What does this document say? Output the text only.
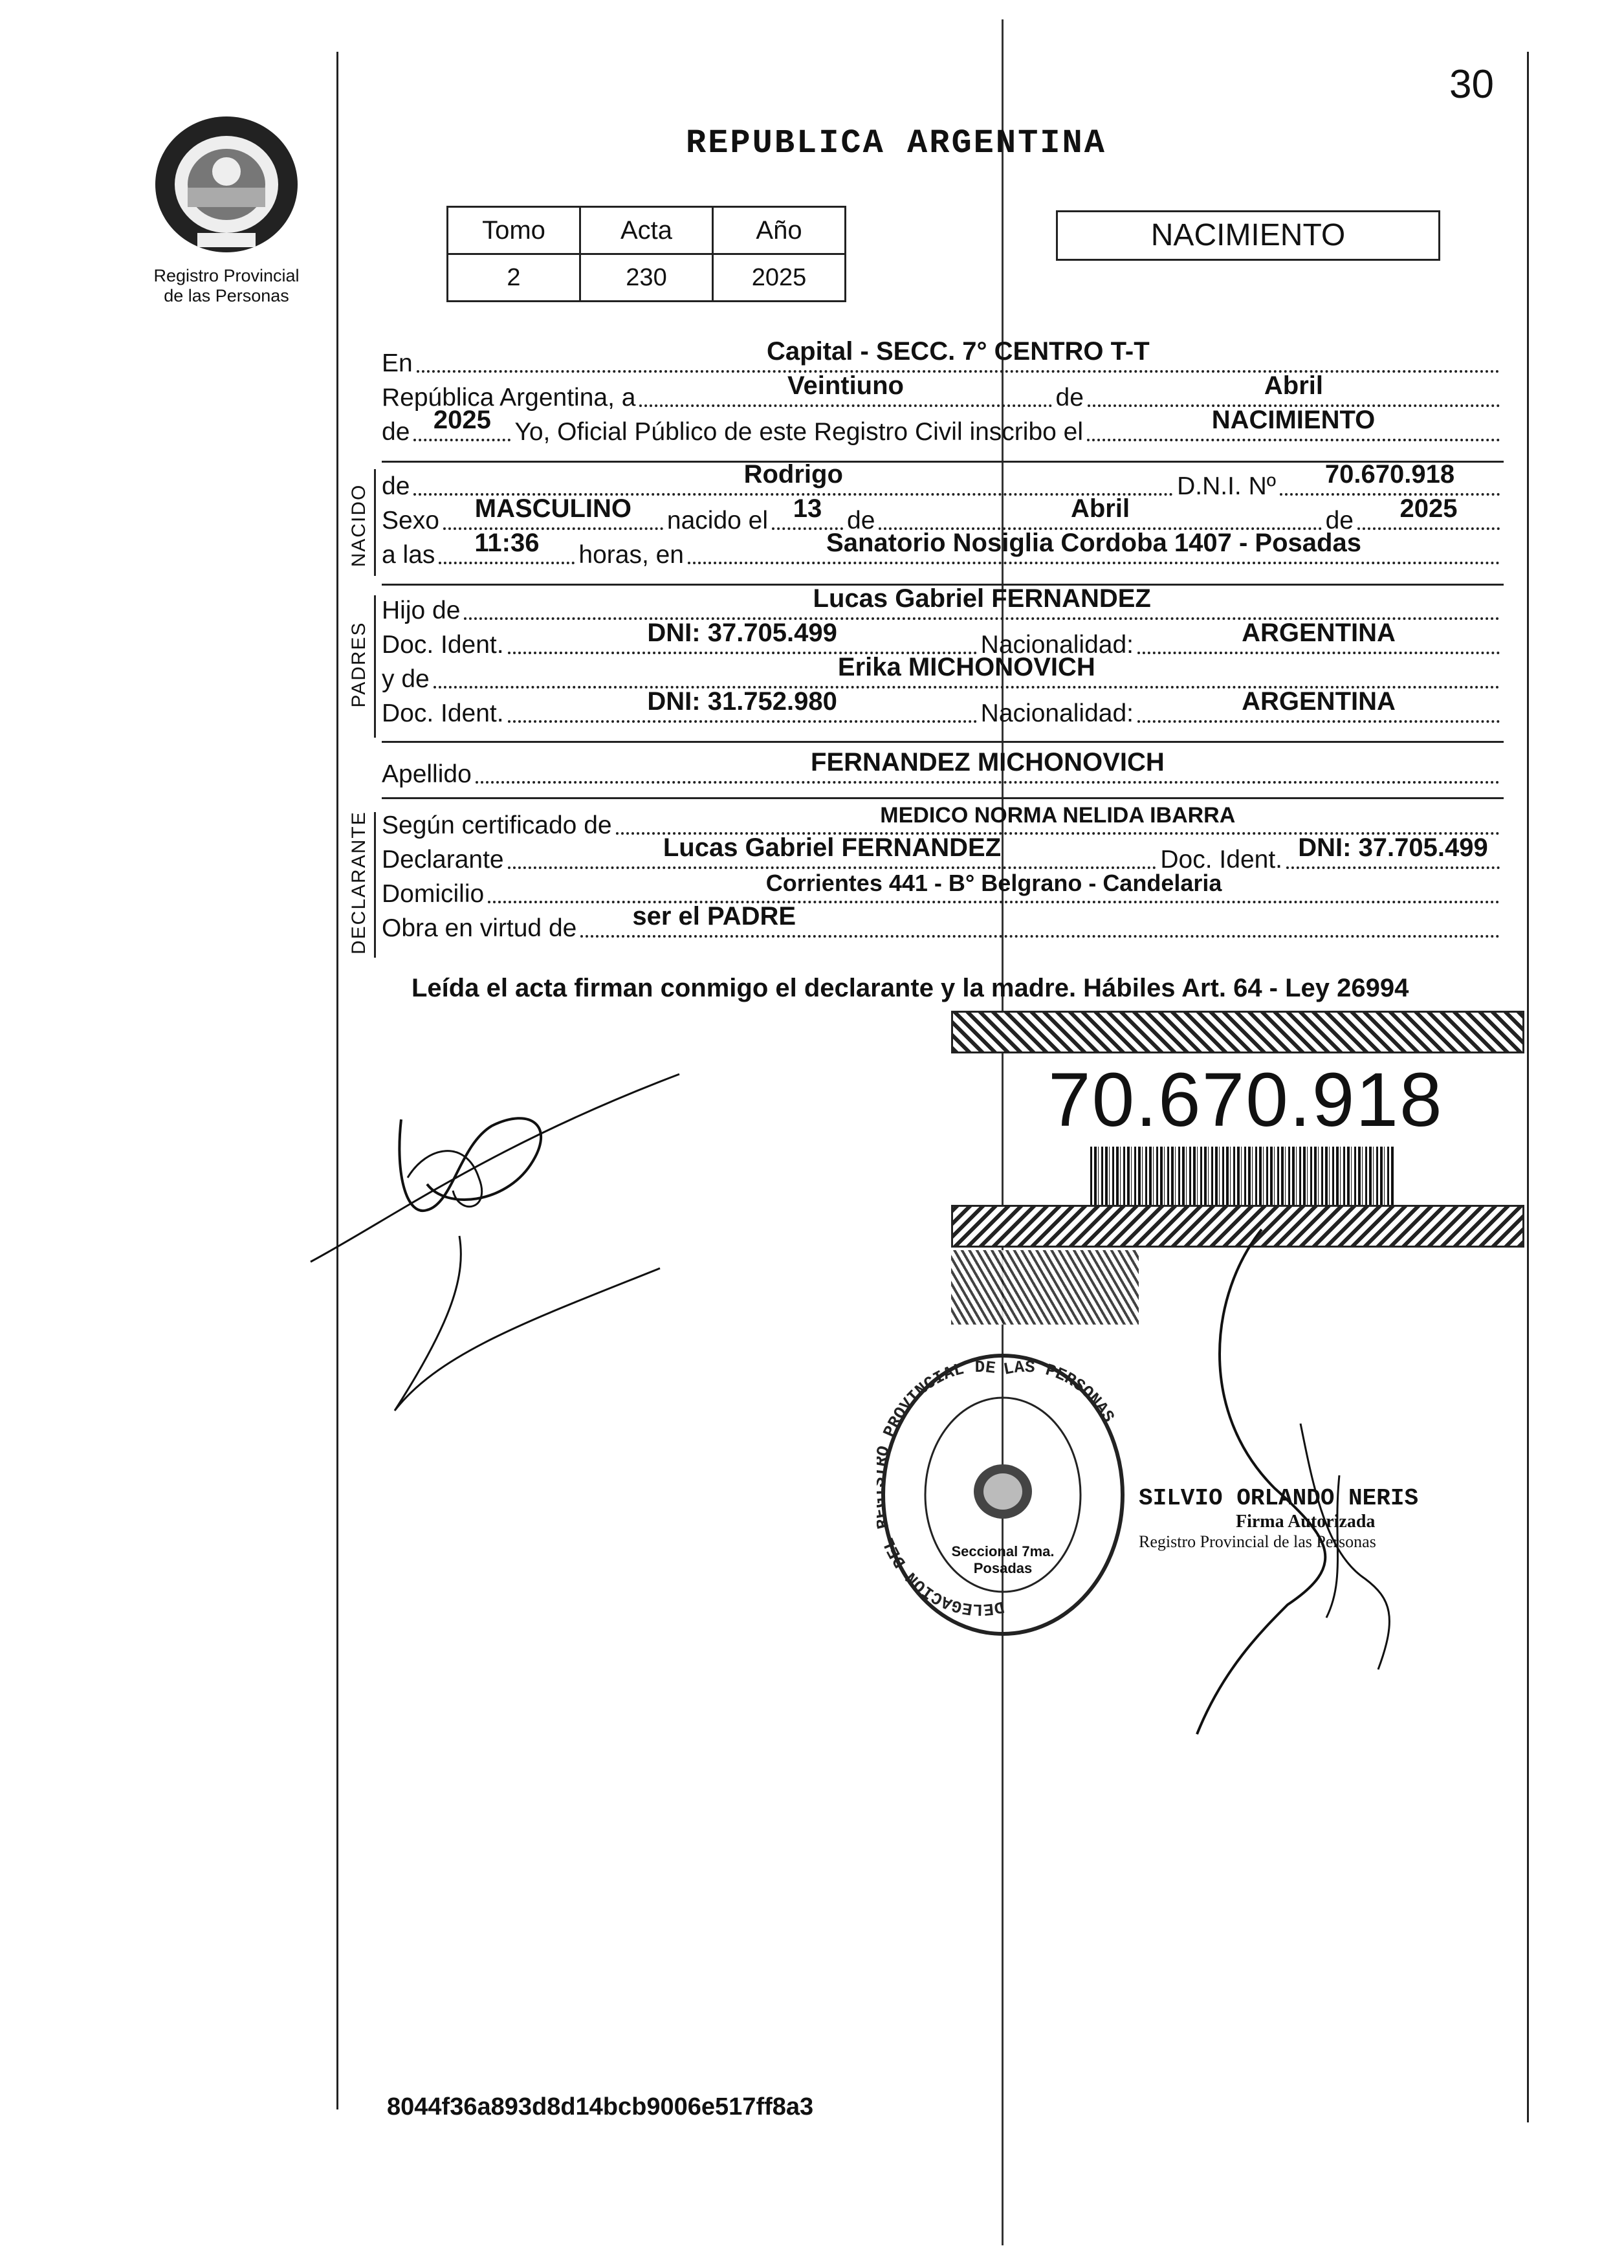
30
Registro Provincial
de las Personas
REPUBLICA ARGENTINA
Tomo	Acta	Año
2	230	2025
NACIMIENTO
En	Capital - SECC. 7° CENTRO T-T
República Argentina, a	Veintiuno	de	Abril
de 2025 Yo, Oficial Público de este Registro Civil inscribo el	NACIMIENTO
NACIDO de	Rodrigo	D.N.I. Nº 70.670.918
Sexo MASCULINO nacido el 13 de	Abril	de 2025
a las 11:36 horas, en	Sanatorio Nosiglia Cordoba 1407 - Posadas
PADRES
Hijo de	Lucas Gabriel FERNANDEZ
Doc. Ident.	DNI: 37.705.499	Nacionalidad:	ARGENTINA
y de	Erika MICHONOVICH
Doc. Ident.	DNI: 31.752.980	Nacionalidad:	ARGENTINA
Apellido	FERNANDEZ MICHONOVICH
DECLARANTE Según certificado de	MEDICO NORMA NELIDA IBARRA
Declarante	Lucas Gabriel FERNANDEZ	Doc. Ident. DNI: 37.705.499
Domicilio	Corrientes 441 - B° Belgrano - Candelaria
Obra en virtud de ser el PADRE
Leída el acta firman conmigo el declarante y la madre. Hábiles Art. 64 - Ley 26994
70.670.918
DELEGACION DEL PROVINCIAL DE LAS PERSONAS
Seccional 7ma. Posadas
SILVIO ORLANDO NERIS
Firma Autorizada
Registro Provincial de las Personas
8044f36a893d8d14bcb9006e517ff8a3
